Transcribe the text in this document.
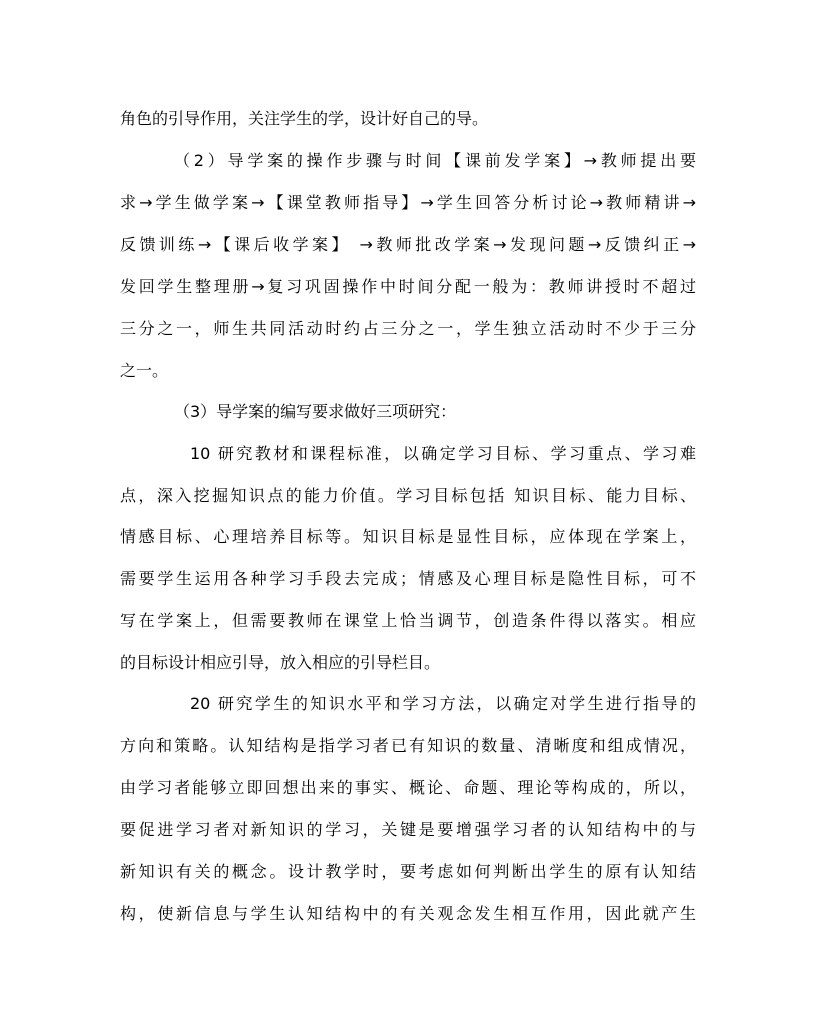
角色的引导作用，关注学生的学，设计好自己的导。
（2）导学案的操作步骤与时间【课前发学案】→教师提出要
求→学生做学案→【课堂教师指导】→学生回答分析讨论→教师精讲→
反馈训练→【课后收学案】 →教师批改学案→发现问题→反馈纠正→
发回学生整理册→复习巩固操作中时间分配一般为：教师讲授时不超过
三分之一，师生共同活动时约占三分之一，学生独立活动时不少于三分
之一。
（3）导学案的编写要求做好三项研究：
10 研究教材和课程标准，以确定学习目标、学习重点、学习难
点，深入挖掘知识点的能力价值。学习目标包括 知识目标、能力目标、
情感目标、心理培养目标等。知识目标是显性目标，应体现在学案上，
需要学生运用各种学习手段去完成；情感及心理目标是隐性目标，可不
写在学案上，但需要教师在课堂上恰当调节，创造条件得以落实。相应
的目标设计相应引导，放入相应的引导栏目。
20 研究学生的知识水平和学习方法，以确定对学生进行指导的
方向和策略。认知结构是指学习者已有知识的数量、清晰度和组成情况，
由学习者能够立即回想出来的事实、概论、命题、理论等构成的，所以，
要促进学习者对新知识的学习，关键是要增强学习者的认知结构中的与
新知识有关的概念。设计教学时，要考虑如何判断出学生的原有认知结
构，使新信息与学生认知结构中的有关观念发生相互作用，因此就产生
